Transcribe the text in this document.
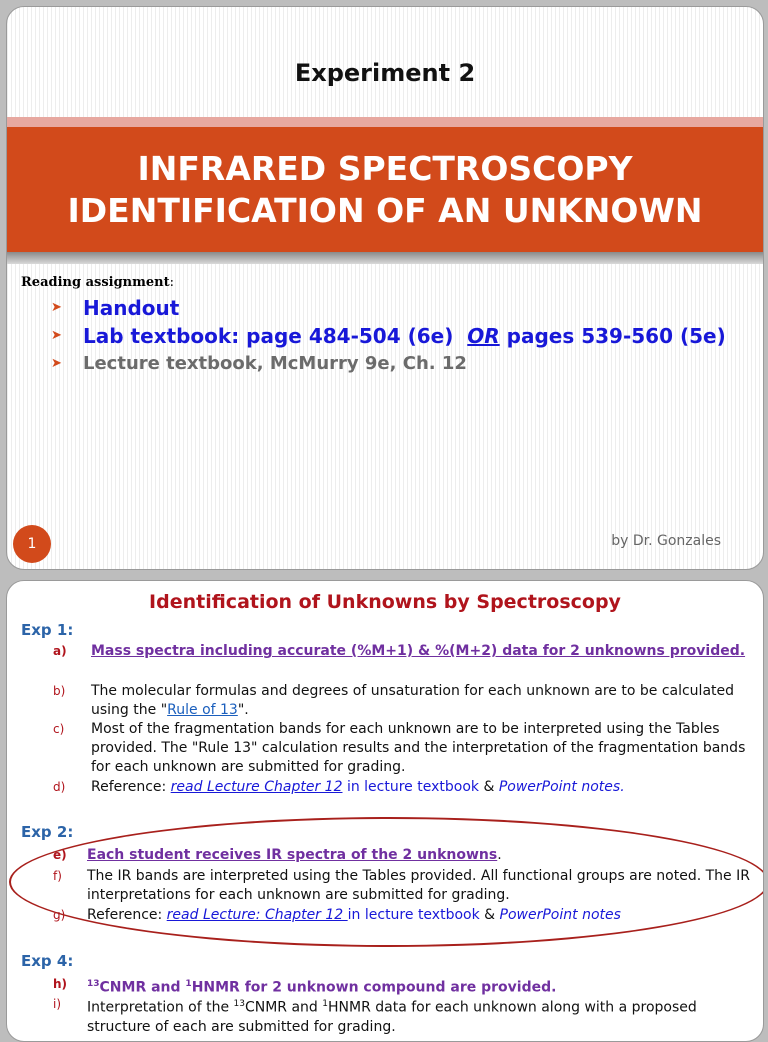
Experiment 2
INFRARED SPECTROSCOPY
IDENTIFICATION OF AN UNKNOWN
Reading assignment:
➤ Handout
➤ Lab textbook: page 484-504 (6e) OR pages 539-560 (5e)
➤ Lecture textbook, McMurry 9e, Ch. 12
1	by Dr. Gonzales
Identification of Unknowns by Spectroscopy
Exp 1:
a)	Mass spectra including accurate (%M+1) & %(M+2) data for 2 unknowns provided.
b)	The molecular formulas and degrees of unsaturation for each unknown are to be calculated using the "Rule of 13".
c)	Most of the fragmentation bands for each unknown are to be interpreted using the Tables provided. The "Rule 13" calculation results and the interpretation of the fragmentation bands for each unknown are submitted for grading.
d)	Reference: read Lecture Chapter 12 in lecture textbook & PowerPoint notes.
Exp 2:
e)	Each student receives IR spectra of the 2 unknowns.
f)	The IR bands are interpreted using the Tables provided. All functional groups are noted. The IR interpretations for each unknown are submitted for grading.
g)	Reference: read Lecture: Chapter 12 in lecture textbook & PowerPoint notes
Exp 4:
h)	$^{13}$CNMR and $^1$HNMR for 2 unknown compound are provided.
i)	Interpretation of the $^{13}$CNMR and $^1$HNMR data for each unknown along with a proposed structure of each are submitted for grading.
